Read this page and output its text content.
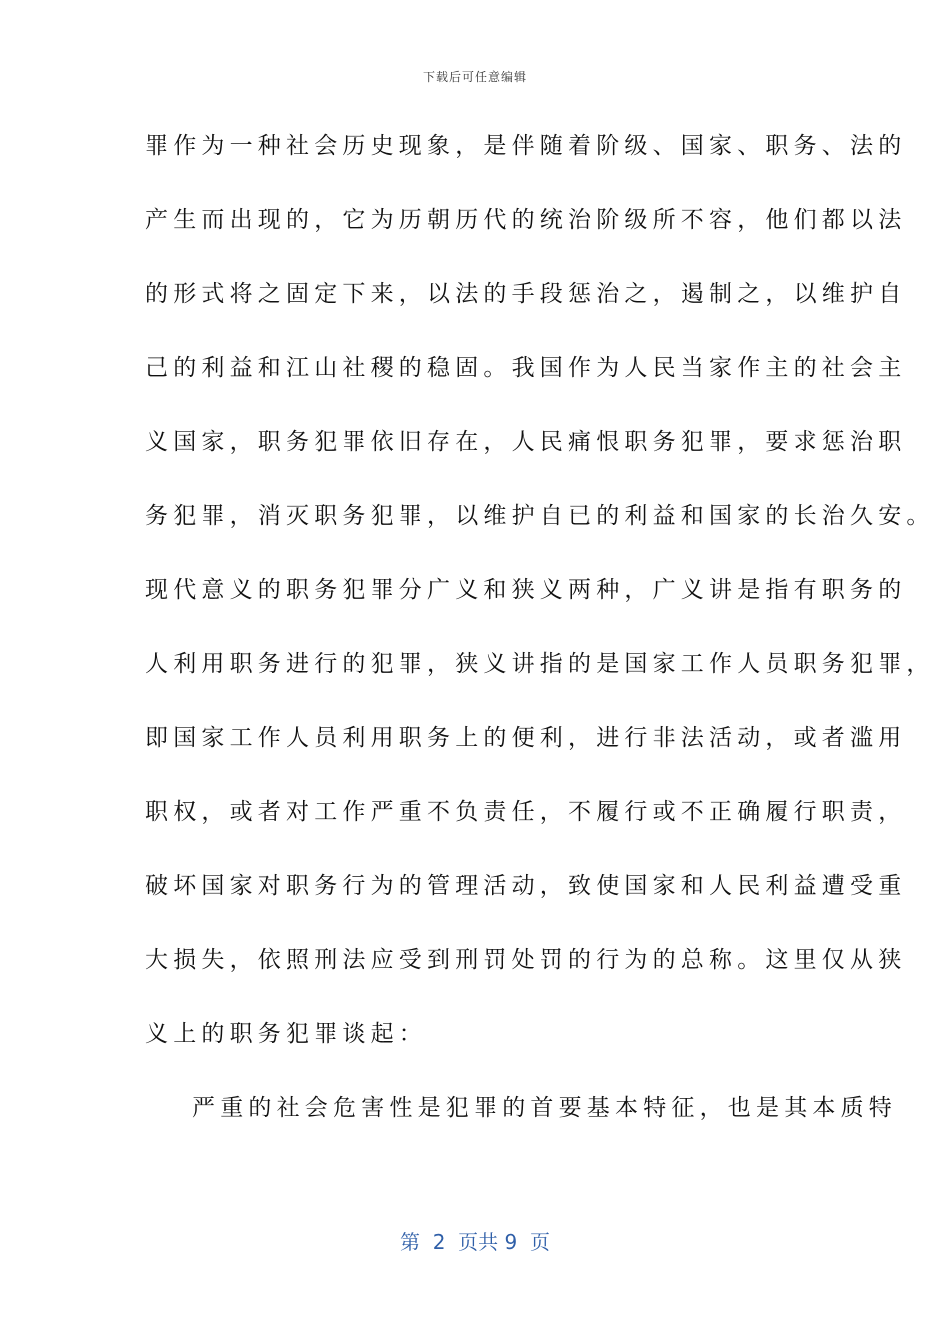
下载后可任意编辑
罪作为一种社会历史现象，是伴随着阶级、国家、职务、法的
产生而出现的，它为历朝历代的统治阶级所不容，他们都以法
的形式将之固定下来，以法的手段惩治之，遏制之，以维护自
己的利益和江山社稷的稳固。我国作为人民当家作主的社会主
义国家，职务犯罪依旧存在，人民痛恨职务犯罪，要求惩治职
务犯罪，消灭职务犯罪，以维护自已的利益和国家的长治久安。
现代意义的职务犯罪分广义和狭义两种，广义讲是指有职务的
人利用职务进行的犯罪，狭义讲指的是国家工作人员职务犯罪，
即国家工作人员利用职务上的便利，进行非法活动，或者滥用
职权，或者对工作严重不负责任，不履行或不正确履行职责，
破坏国家对职务行为的管理活动，致使国家和人民利益遭受重
大损失，依照刑法应受到刑罚处罚的行为的总称。这里仅从狭
义上的职务犯罪谈起：
严重的社会危害性是犯罪的首要基本特征，也是其本质特
第  2  页共 9  页
